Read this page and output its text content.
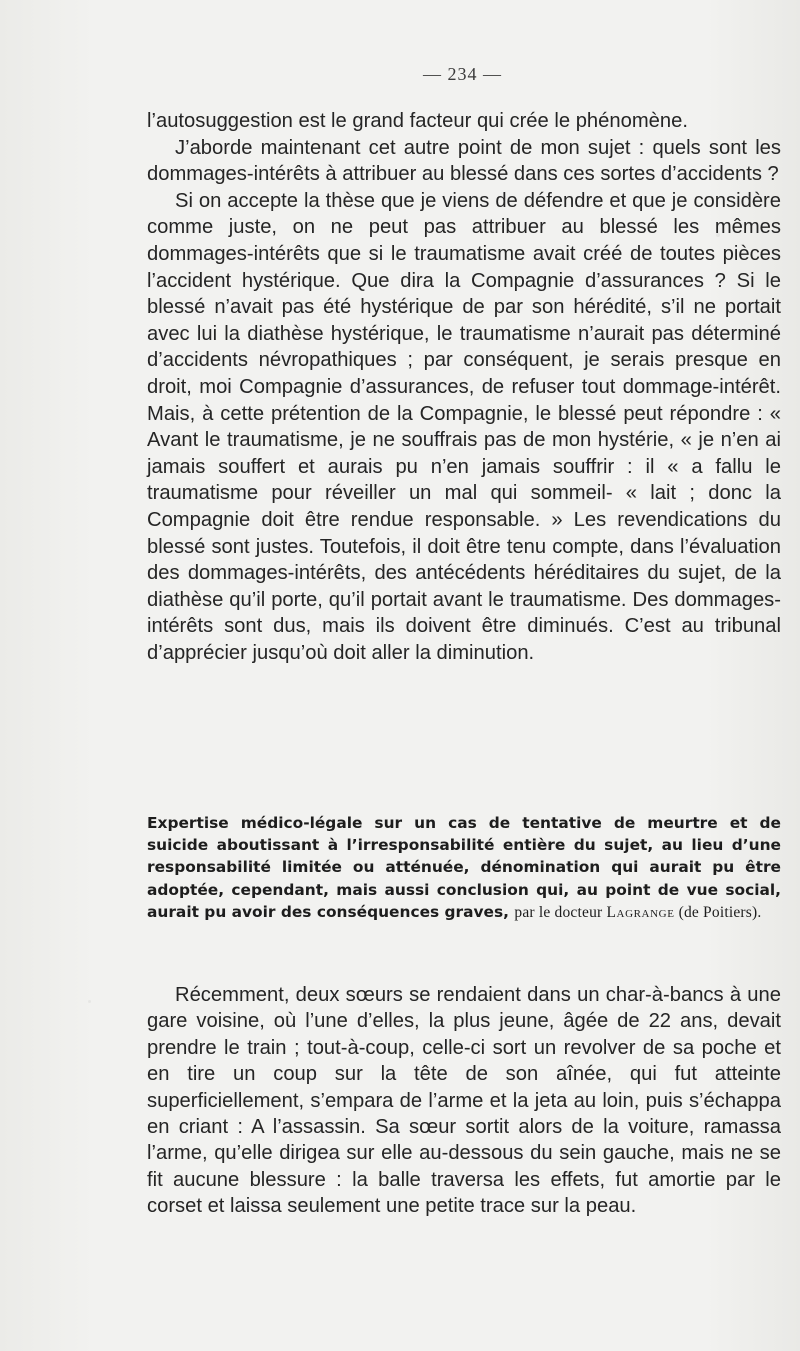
— 234 —

l’autosuggestion est le grand facteur qui crée le phénomène.

J’aborde maintenant cet autre point de mon sujet : quels sont les dommages-intérêts à attribuer au blessé dans ces sortes d’accidents ?

Si on accepte la thèse que je viens de défendre et que je considère comme juste, on ne peut pas attribuer au blessé les mêmes dommages-intérêts que si le traumatisme avait créé de toutes pièces l’accident hystérique. Que dira la Compagnie d’assurances ? Si le blessé n’avait pas été hystérique de par son hérédité, s’il ne portait avec lui la diathèse hystérique, le traumatisme n’aurait pas déterminé d’accidents névropathiques ; par conséquent, je serais presque en droit, moi Compagnie d’assurances, de refuser tout dommage-intérêt. Mais, à cette prétention de la Compagnie, le blessé peut répondre : « Avant le traumatisme, je ne souffrais pas de mon hystérie, « je n’en ai jamais souffert et aurais pu n’en jamais souffrir : il « a fallu le traumatisme pour réveiller un mal qui sommeil- « lait ; donc la Compagnie doit être rendue responsable. » Les revendications du blessé sont justes. Toutefois, il doit être tenu compte, dans l’évaluation des dommages-intérêts, des antécédents héréditaires du sujet, de la diathèse qu’il porte, qu’il portait avant le traumatisme. Des dommages-intérêts sont dus, mais ils doivent être diminués. C’est au tribunal d’apprécier jusqu’où doit aller la diminution.

Expertise médico-légale sur un cas de tentative de meurtre et de suicide aboutissant à l’irresponsabilité entière du sujet, au lieu d’une responsabilité limitée ou atténuée, dénomination qui aurait pu être adoptée, cependant, mais aussi conclusion qui, au point de vue social, aurait pu avoir des conséquences graves, par le docteur Lagrange (de Poitiers).

Récemment, deux sœurs se rendaient dans un char-à-bancs à une gare voisine, où l’une d’elles, la plus jeune, âgée de 22 ans, devait prendre le train ; tout-à-coup, celle-ci sort un revolver de sa poche et en tire un coup sur la tête de son aînée, qui fut atteinte superficiellement, s’empara de l’arme et la jeta au loin, puis s’échappa en criant : A l’assassin. Sa sœur sortit alors de la voiture, ramassa l’arme, qu’elle dirigea sur elle au-dessous du sein gauche, mais ne se fit aucune blessure : la balle traversa les effets, fut amortie par le corset et laissa seulement une petite trace sur la peau.
